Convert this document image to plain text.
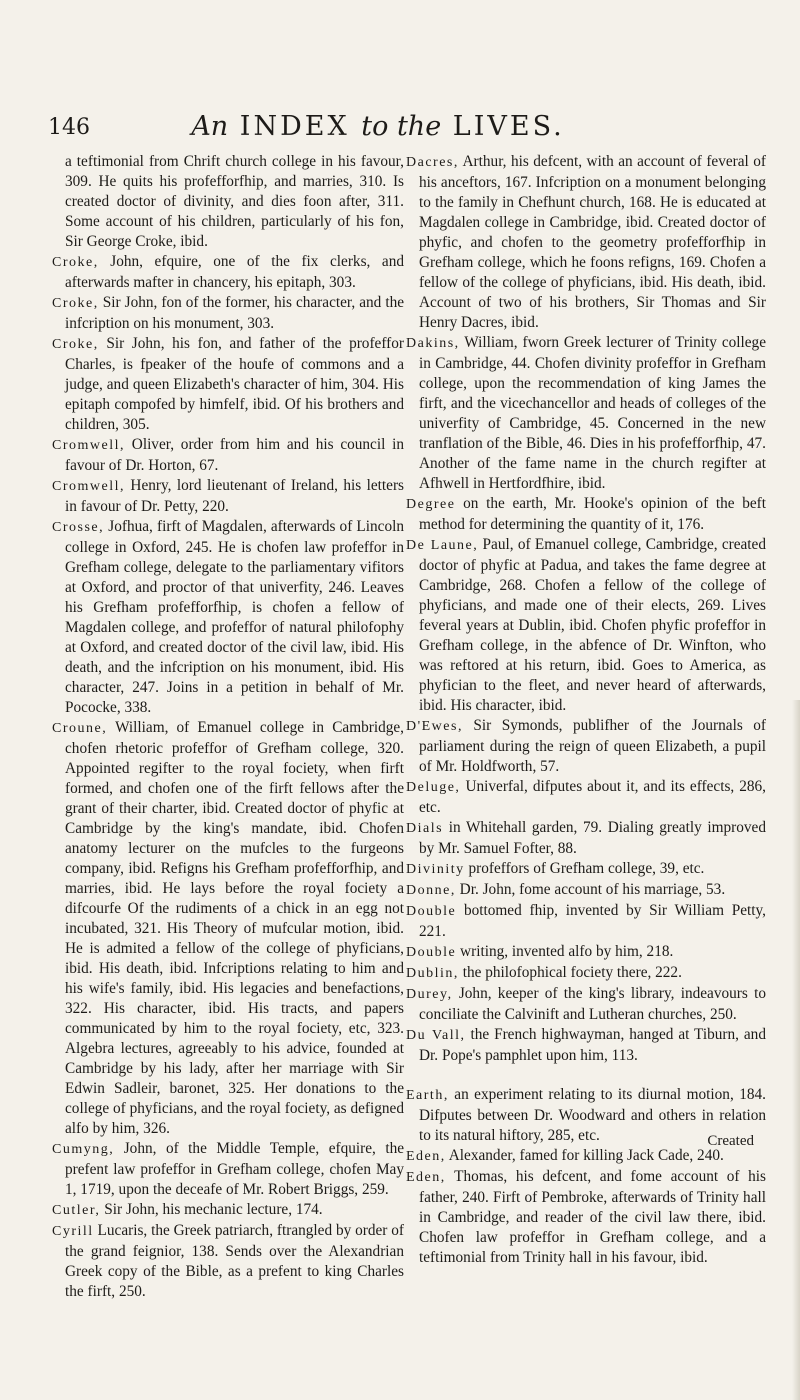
146	An INDEX to the LIVES.

a teftimonial from Chrift church college in his favour, 309. He quits his profefforfhip, and marries, 310. Is created doctor of divinity, and dies foon after, 311. Some account of his children, particularly of his fon, Sir George Croke, ibid.

Croke, John, efquire, one of the fix clerks, and afterwards mafter in chancery, his epitaph, 303.

Croke, Sir John, fon of the former, his character, and the infcription on his monument, 303.

Croke, Sir John, his fon, and father of the profeffor Charles, is fpeaker of the houfe of commons and a judge, and queen Elizabeth's character of him, 304. His epitaph compofed by himfelf, ibid. Of his brothers and children, 305.

Cromwell, Oliver, order from him and his council in favour of Dr. Horton, 67.

Cromwell, Henry, lord lieutenant of Ireland, his letters in favour of Dr. Petty, 220.

Crosse, Jofhua, firft of Magdalen, afterwards of Lincoln college in Oxford, 245. He is chofen law profeffor in Grefham college, delegate to the parliamentary vifitors at Oxford, and proctor of that univerfity, 246. Leaves his Grefham profefforfhip, is chofen a fellow of Magdalen college, and profeffor of natural philofophy at Oxford, and created doctor of the civil law, ibid. His death, and the infcription on his monument, ibid. His character, 247. Joins in a petition in behalf of Mr. Pococke, 338.

Croune, William, of Emanuel college in Cambridge, chofen rhetoric profeffor of Grefham college, 320. Appointed regifter to the royal fociety, when firft formed, and chofen one of the firft fellows after the grant of their charter, ibid. Created doctor of phyfic at Cambridge by the king's mandate, ibid. Chofen anatomy lecturer on the mufcles to the furgeons company, ibid. Refigns his Grefham profefforfhip, and marries, ibid. He lays before the royal fociety a difcourfe Of the rudiments of a chick in an egg not incubated, 321. His Theory of mufcular motion, ibid. He is admited a fellow of the college of phyficians, ibid. His death, ibid. Infcriptions relating to him and his wife's family, ibid. His legacies and benefactions, 322. His character, ibid. His tracts, and papers communicated by him to the royal fociety, etc, 323. Algebra lectures, agreeably to his advice, founded at Cambridge by his lady, after her marriage with Sir Edwin Sadleir, baronet, 325. Her donations to the college of phyficians, and the royal fociety, as defigned alfo by him, 326.

Cumyng, John, of the Middle Temple, efquire, the prefent law profeffor in Grefham college, chofen May 1, 1719, upon the deceafe of Mr. Robert Briggs, 259.

Cutler, Sir John, his mechanic lecture, 174.

Cyrill Lucaris, the Greek patriarch, ftrangled by order of the grand feignior, 138. Sends over the Alexandrian Greek copy of the Bible, as a prefent to king Charles the firft, 250.

Dacres, Arthur, his defcent, with an account of feveral of his anceftors, 167. Infcription on a monument belonging to the family in Chefhunt church, 168. He is educated at Magdalen college in Cambridge, ibid. Created doctor of phyfic, and chofen to the geometry profefforfhip in Grefham college, which he foons refigns, 169. Chofen a fellow of the college of phyficians, ibid. His death, ibid. Account of two of his brothers, Sir Thomas and Sir Henry Dacres, ibid.

Dakins, William, fworn Greek lecturer of Trinity college in Cambridge, 44. Chofen divinity profeffor in Grefham college, upon the recommendation of king James the firft, and the vicechancellor and heads of colleges of the univerfity of Cambridge, 45. Concerned in the new tranflation of the Bible, 46. Dies in his profefforfhip, 47. Another of the fame name in the church regifter at Afhwell in Hertfordfhire, ibid.

Degree on the earth, Mr. Hooke's opinion of the beft method for determining the quantity of it, 176.

De Laune, Paul, of Emanuel college, Cambridge, created doctor of phyfic at Padua, and takes the fame degree at Cambridge, 268. Chofen a fellow of the college of phyficians, and made one of their elects, 269. Lives feveral years at Dublin, ibid. Chofen phyfic profeffor in Grefham college, in the abfence of Dr. Winfton, who was reftored at his return, ibid. Goes to America, as phyfician to the fleet, and never heard of afterwards, ibid. His character, ibid.

D'Ewes, Sir Symonds, publifher of the Journals of parliament during the reign of queen Elizabeth, a pupil of Mr. Holdfworth, 57.

Deluge, Univerfal, difputes about it, and its effects, 286, etc.

Dials in Whitehall garden, 79. Dialing greatly improved by Mr. Samuel Fofter, 88.

Divinity profeffors of Grefham college, 39, etc.

Donne, Dr. John, fome account of his marriage, 53.

Double bottomed fhip, invented by Sir William Petty, 221.

Double writing, invented alfo by him, 218.

Dublin, the philofophical fociety there, 222.

Durey, John, keeper of the king's library, indeavours to conciliate the Calvinift and Lutheran churches, 250.

Du Vall, the French highwayman, hanged at Tiburn, and Dr. Pope's pamphlet upon him, 113.

Earth, an experiment relating to its diurnal motion, 184. Difputes between Dr. Woodward and others in relation to its natural hiftory, 285, etc.

Eden, Alexander, famed for killing Jack Cade, 240.

Eden, Thomas, his defcent, and fome account of his father, 240. Firft of Pembroke, afterwards of Trinity hall in Cambridge, and reader of the civil law there, ibid. Chofen law profeffor in Grefham college, and a teftimonial from Trinity hall in his favour, ibid.

Created
